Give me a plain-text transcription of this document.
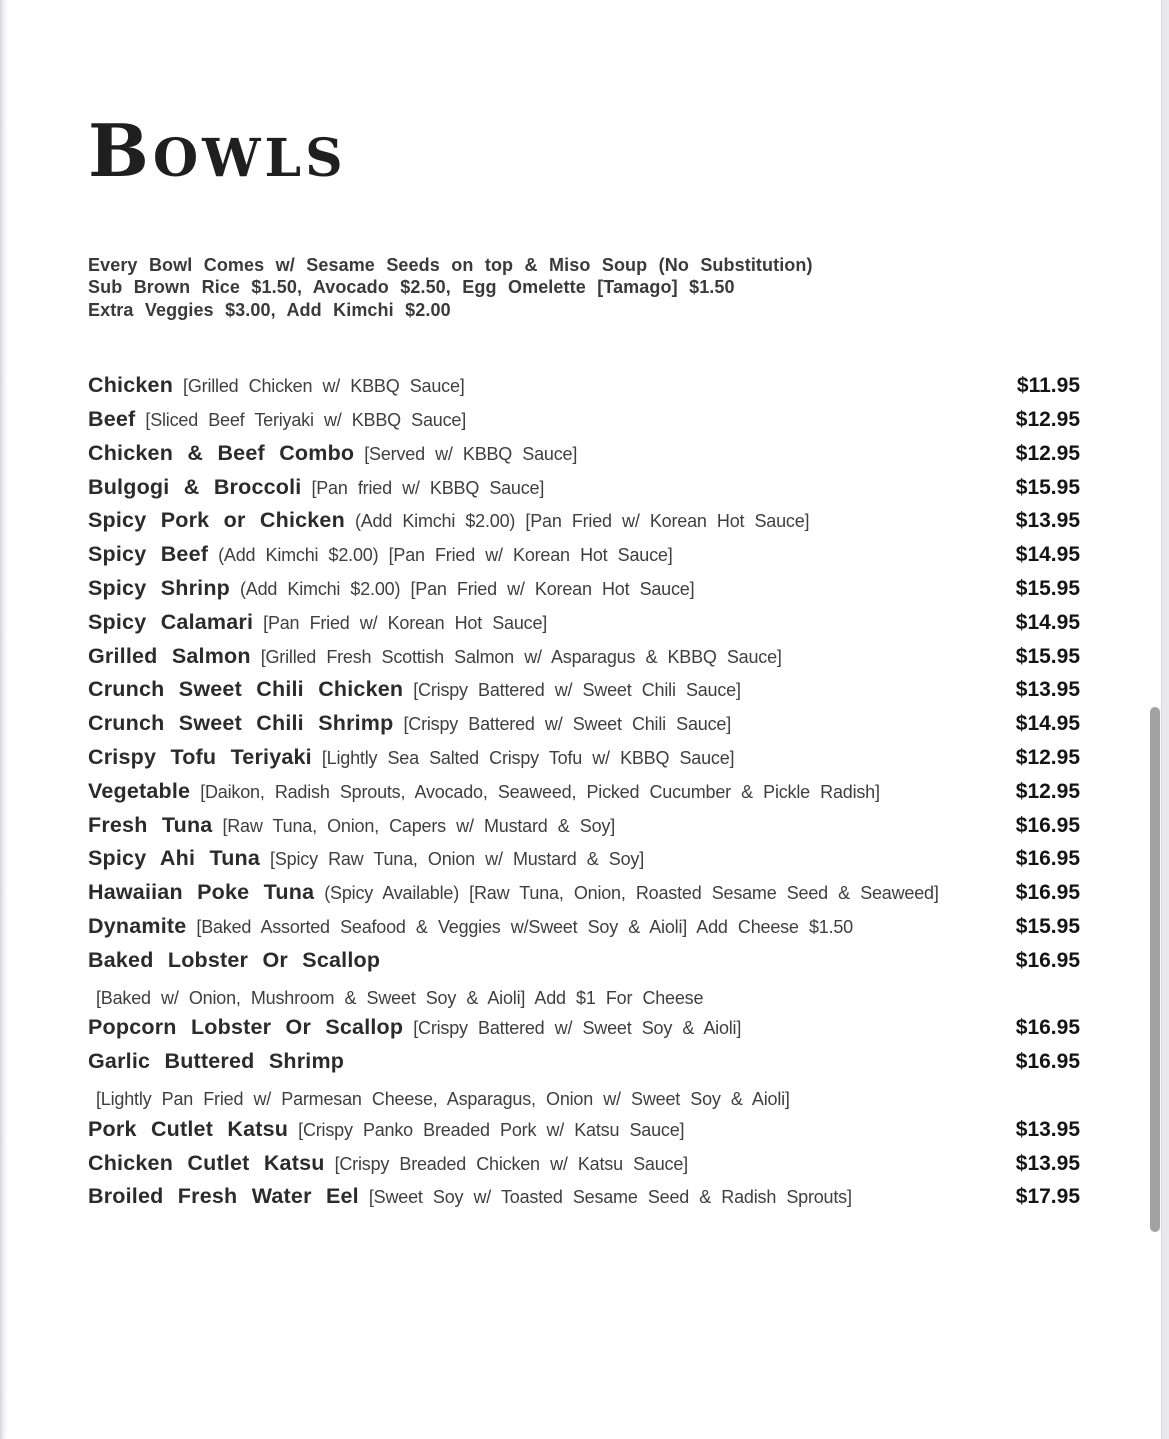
BOWLS
Every Bowl Comes w/ Sesame Seeds on top & Miso Soup (No Substitution)
Sub Brown Rice $1.50, Avocado $2.50, Egg Omelette [Tamago] $1.50
Extra Veggies $3.00, Add Kimchi $2.00
Chicken [Grilled Chicken w/ KBBQ Sauce]	$11.95
Beef [Sliced Beef Teriyaki w/ KBBQ Sauce]	$12.95
Chicken & Beef Combo [Served w/ KBBQ Sauce]	$12.95
Bulgogi & Broccoli [Pan fried w/ KBBQ Sauce]	$15.95
Spicy Pork or Chicken (Add Kimchi $2.00) [Pan Fried w/ Korean Hot Sauce]	$13.95
Spicy Beef (Add Kimchi $2.00) [Pan Fried w/ Korean Hot Sauce]	$14.95
Spicy Shrinp (Add Kimchi $2.00) [Pan Fried w/ Korean Hot Sauce]	$15.95
Spicy Calamari [Pan Fried w/ Korean Hot Sauce]	$14.95
Grilled Salmon [Grilled Fresh Scottish Salmon w/ Asparagus & KBBQ Sauce]	$15.95
Crunch Sweet Chili Chicken [Crispy Battered w/ Sweet Chili Sauce]	$13.95
Crunch Sweet Chili Shrimp [Crispy Battered w/ Sweet Chili Sauce]	$14.95
Crispy Tofu Teriyaki [Lightly Sea Salted Crispy Tofu w/ KBBQ Sauce]	$12.95
Vegetable [Daikon, Radish Sprouts, Avocado, Seaweed, Picked Cucumber & Pickle Radish]	$12.95
Fresh Tuna [Raw Tuna, Onion, Capers w/ Mustard & Soy]	$16.95
Spicy Ahi Tuna [Spicy Raw Tuna, Onion w/ Mustard & Soy]	$16.95
Hawaiian Poke Tuna (Spicy Available) [Raw Tuna, Onion, Roasted Sesame Seed & Seaweed]	$16.95
Dynamite [Baked Assorted Seafood & Veggies w/Sweet Soy & Aioli] Add Cheese $1.50	$15.95
Baked Lobster Or Scallop	$16.95
[Baked w/ Onion, Mushroom & Sweet Soy & Aioli] Add $1 For Cheese
Popcorn Lobster Or Scallop [Crispy Battered w/ Sweet Soy & Aioli]	$16.95
Garlic Buttered Shrimp	$16.95
[Lightly Pan Fried w/ Parmesan Cheese, Asparagus, Onion w/ Sweet Soy & Aioli]
Pork Cutlet Katsu [Crispy Panko Breaded Pork w/ Katsu Sauce]	$13.95
Chicken Cutlet Katsu [Crispy Breaded Chicken w/ Katsu Sauce]	$13.95
Broiled Fresh Water Eel [Sweet Soy w/ Toasted Sesame Seed & Radish Sprouts]	$17.95
